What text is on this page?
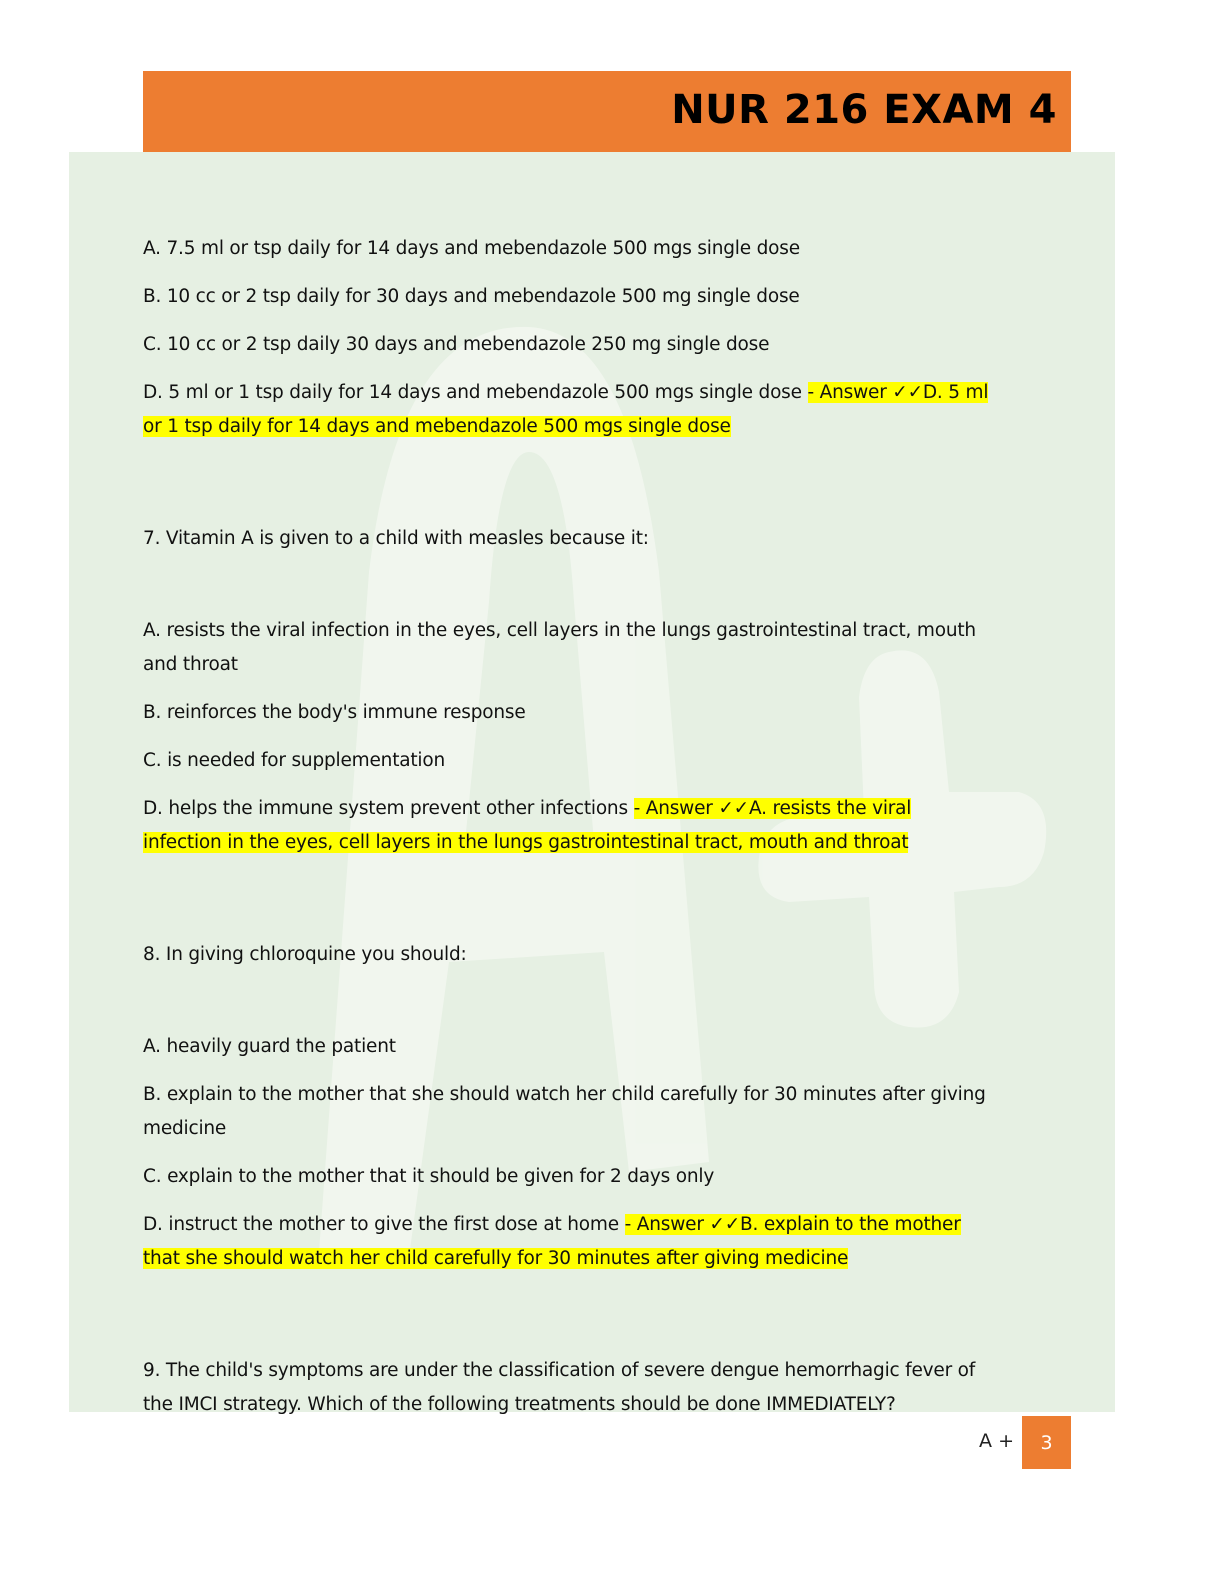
NUR 216 EXAM 4

A. 7.5 ml or tsp daily for 14 days and mebendazole 500 mgs single dose

B. 10 cc or 2 tsp daily for 30 days and mebendazole 500 mg single dose

C. 10 cc or 2 tsp daily 30 days and mebendazole 250 mg single dose

D. 5 ml or 1 tsp daily for 14 days and mebendazole 500 mgs single dose - Answer ✓✓D. 5 ml

or 1 tsp daily for 14 days and mebendazole 500 mgs single dose

7. Vitamin A is given to a child with measles because it:

A. resists the viral infection in the eyes, cell layers in the lungs gastrointestinal tract, mouth

and throat

B. reinforces the body's immune response

C. is needed for supplementation

D. helps the immune system prevent other infections - Answer ✓✓A. resists the viral

infection in the eyes, cell layers in the lungs gastrointestinal tract, mouth and throat

8. In giving chloroquine you should:

A. heavily guard the patient

B. explain to the mother that she should watch her child carefully for 30 minutes after giving

medicine

C. explain to the mother that it should be given for 2 days only

D. instruct the mother to give the first dose at home - Answer ✓✓B. explain to the mother

that she should watch her child carefully for 30 minutes after giving medicine

9. The child's symptoms are under the classification of severe dengue hemorrhagic fever of

the IMCI strategy. Which of the following treatments should be done IMMEDIATELY?

A + 3
